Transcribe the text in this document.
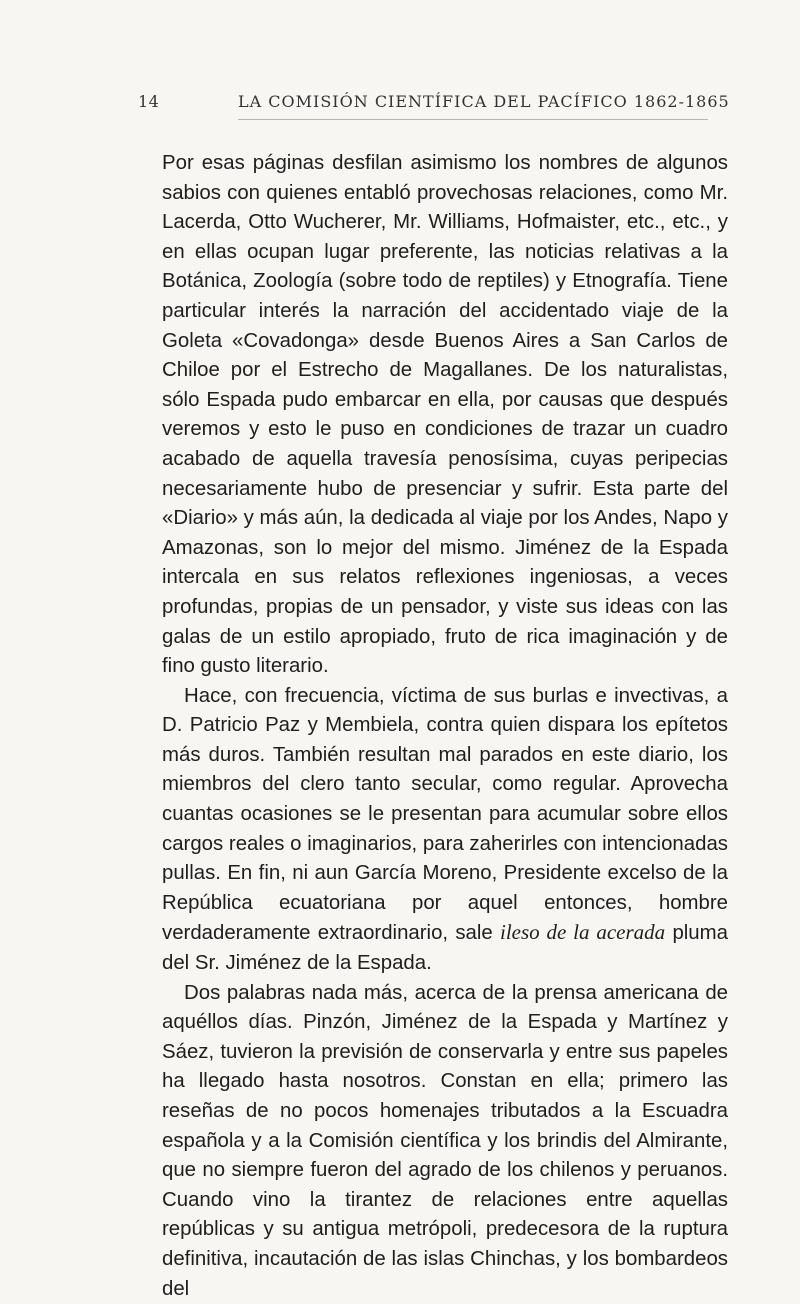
14	LA COMISIÓN CIENTÍFICA DEL PACÍFICO 1862-1865

Por esas páginas desfilan asimismo los nombres de algunos sabios con quienes entabló provechosas relaciones, como Mr. Lacerda, Otto Wucherer, Mr. Williams, Hofmaister, etc., etc., y en ellas ocupan lugar preferente, las noticias relativas a la Botánica, Zoología (sobre todo de reptiles) y Etnografía. Tiene particular interés la narración del accidentado viaje de la Goleta «Covadonga» desde Buenos Aires a San Carlos de Chiloe por el Estrecho de Magallanes. De los naturalistas, sólo Espada pudo embarcar en ella, por causas que después veremos y esto le puso en condiciones de trazar un cuadro acabado de aquella travesía penosísima, cuyas peripecias necesariamente hubo de presenciar y sufrir. Esta parte del «Diario» y más aún, la dedicada al viaje por los Andes, Napo y Amazonas, son lo mejor del mismo. Jiménez de la Espada intercala en sus relatos reflexiones ingeniosas, a veces profundas, propias de un pensador, y viste sus ideas con las galas de un estilo apropiado, fruto de rica imaginación y de fino gusto literario.

Hace, con frecuencia, víctima de sus burlas e invectivas, a D. Patricio Paz y Membiela, contra quien dispara los epítetos más duros. También resultan mal parados en este diario, los miembros del clero tanto secular, como regular. Aprovecha cuantas ocasiones se le presentan para acumular sobre ellos cargos reales o imaginarios, para zaherirles con intencionadas pullas. En fin, ni aun García Moreno, Presidente excelso de la República ecuatoriana por aquel entonces, hombre verdaderamente extraordinario, sale ileso de la acerada pluma del Sr. Jiménez de la Espada.

Dos palabras nada más, acerca de la prensa americana de aquéllos días. Pinzón, Jiménez de la Espada y Martínez y Sáez, tuvieron la previsión de conservarla y entre sus papeles ha llegado hasta nosotros. Constan en ella; primero las reseñas de no pocos homenajes tributados a la Escuadra española y a la Comisión científica y los brindis del Almirante, que no siempre fueron del agrado de los chilenos y peruanos. Cuando vino la tirantez de relaciones entre aquellas repúblicas y su antigua metrópoli, predecesora de la ruptura definitiva, incautación de las islas Chinchas, y los bombardeos del
